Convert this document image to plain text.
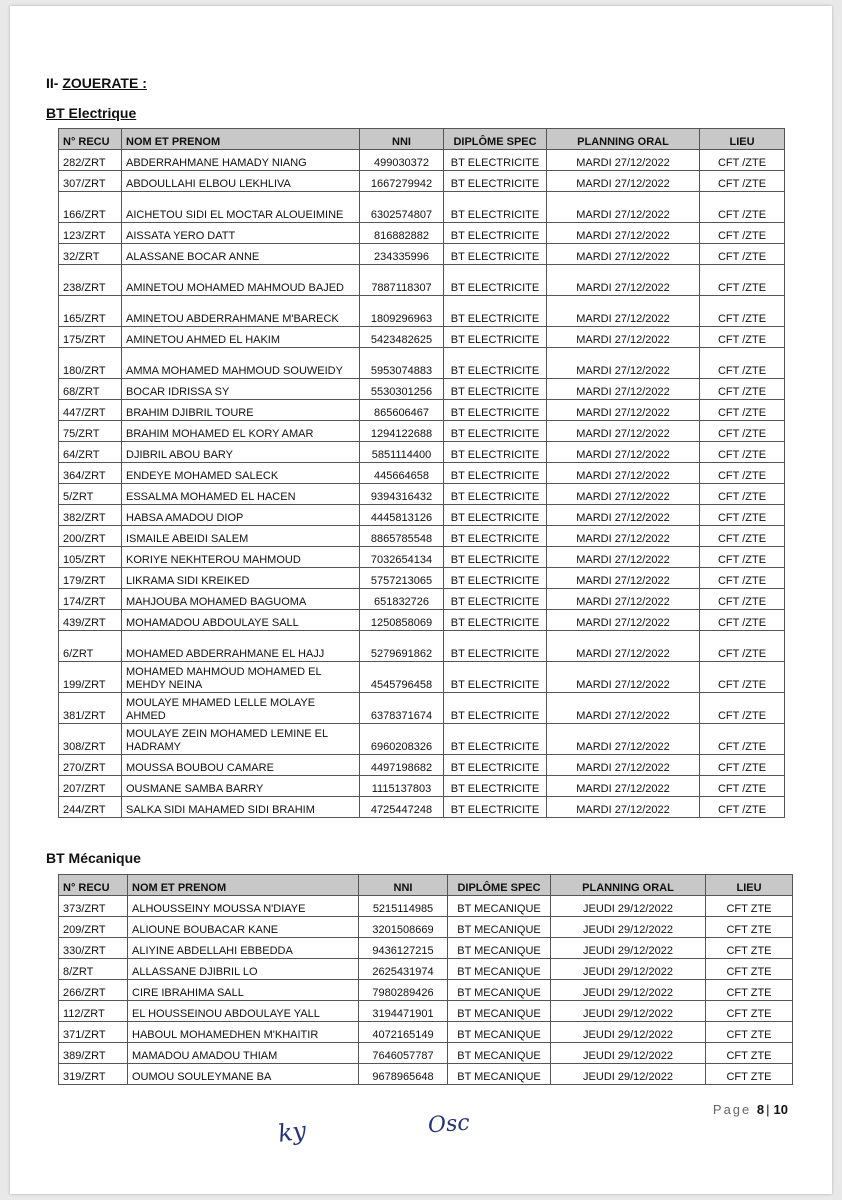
II- ZOUERATE :
BT Electrique
N° RECU	NOM ET PRENOM	NNI	DIPLÔME SPEC	PLANNING ORAL	LIEU
282/ZRT	ABDERRAHMANE HAMADY NIANG	499030372	BT ELECTRICITE	MARDI 27/12/2022	CFT /ZTE
307/ZRT	ABDOULLAHI ELBOU LEKHLIVA	1667279942	BT ELECTRICITE	MARDI 27/12/2022	CFT /ZTE
166/ZRT	AICHETOU SIDI EL MOCTAR ALOUEIMINE	6302574807	BT ELECTRICITE	MARDI 27/12/2022	CFT /ZTE
123/ZRT	AISSATA YERO DATT	816882882	BT ELECTRICITE	MARDI 27/12/2022	CFT /ZTE
32/ZRT	ALASSANE BOCAR ANNE	234335996	BT ELECTRICITE	MARDI 27/12/2022	CFT /ZTE
238/ZRT	AMINETOU MOHAMED MAHMOUD BAJED	7887118307	BT ELECTRICITE	MARDI 27/12/2022	CFT /ZTE
165/ZRT	AMINETOU ABDERRAHMANE M'BARECK	1809296963	BT ELECTRICITE	MARDI 27/12/2022	CFT /ZTE
175/ZRT	AMINETOU AHMED EL HAKIM	5423482625	BT ELECTRICITE	MARDI 27/12/2022	CFT /ZTE
180/ZRT	AMMA MOHAMED MAHMOUD SOUWEIDY	5953074883	BT ELECTRICITE	MARDI 27/12/2022	CFT /ZTE
68/ZRT	BOCAR IDRISSA SY	5530301256	BT ELECTRICITE	MARDI 27/12/2022	CFT /ZTE
447/ZRT	BRAHIM DJIBRIL TOURE	865606467	BT ELECTRICITE	MARDI 27/12/2022	CFT /ZTE
75/ZRT	BRAHIM MOHAMED EL KORY AMAR	1294122688	BT ELECTRICITE	MARDI 27/12/2022	CFT /ZTE
64/ZRT	DJIBRIL ABOU BARY	5851114400	BT ELECTRICITE	MARDI 27/12/2022	CFT /ZTE
364/ZRT	ENDEYE MOHAMED SALECK	445664658	BT ELECTRICITE	MARDI 27/12/2022	CFT /ZTE
5/ZRT	ESSALMA MOHAMED EL HACEN	9394316432	BT ELECTRICITE	MARDI 27/12/2022	CFT /ZTE
382/ZRT	HABSA AMADOU DIOP	4445813126	BT ELECTRICITE	MARDI 27/12/2022	CFT /ZTE
200/ZRT	ISMAILE ABEIDI SALEM	8865785548	BT ELECTRICITE	MARDI 27/12/2022	CFT /ZTE
105/ZRT	KORIYE NEKHTEROU MAHMOUD	7032654134	BT ELECTRICITE	MARDI 27/12/2022	CFT /ZTE
179/ZRT	LIKRAMA SIDI KREIKED	5757213065	BT ELECTRICITE	MARDI 27/12/2022	CFT /ZTE
174/ZRT	MAHJOUBA MOHAMED BAGUOMA	651832726	BT ELECTRICITE	MARDI 27/12/2022	CFT /ZTE
439/ZRT	MOHAMADOU ABDOULAYE SALL	1250858069	BT ELECTRICITE	MARDI 27/12/2022	CFT /ZTE
6/ZRT	MOHAMED ABDERRAHMANE EL HAJJ	5279691862	BT ELECTRICITE	MARDI 27/12/2022	CFT /ZTE
199/ZRT	MOHAMED MAHMOUD MOHAMED EL MEHDY NEINA	4545796458	BT ELECTRICITE	MARDI 27/12/2022	CFT /ZTE
381/ZRT	MOULAYE MHAMED LELLE MOLAYE AHMED	6378371674	BT ELECTRICITE	MARDI 27/12/2022	CFT /ZTE
308/ZRT	MOULAYE ZEIN MOHAMED LEMINE EL HADRAMY	6960208326	BT ELECTRICITE	MARDI 27/12/2022	CFT /ZTE
270/ZRT	MOUSSA BOUBOU CAMARE	4497198682	BT ELECTRICITE	MARDI 27/12/2022	CFT /ZTE
207/ZRT	OUSMANE SAMBA BARRY	1115137803	BT ELECTRICITE	MARDI 27/12/2022	CFT /ZTE
244/ZRT	SALKA SIDI MAHAMED SIDI BRAHIM	4725447248	BT ELECTRICITE	MARDI 27/12/2022	CFT /ZTE
BT Mécanique
N° RECU	NOM ET PRENOM	NNI	DIPLÔME SPEC	PLANNING ORAL	LIEU
373/ZRT	ALHOUSSEINY MOUSSA N'DIAYE	5215114985	BT MECANIQUE	JEUDI 29/12/2022	CFT ZTE
209/ZRT	ALIOUNE BOUBACAR KANE	3201508669	BT MECANIQUE	JEUDI 29/12/2022	CFT ZTE
330/ZRT	ALIYINE ABDELLAHI EBBEDDA	9436127215	BT MECANIQUE	JEUDI 29/12/2022	CFT ZTE
8/ZRT	ALLASSANE DJIBRIL LO	2625431974	BT MECANIQUE	JEUDI 29/12/2022	CFT ZTE
266/ZRT	CIRE IBRAHIMA SALL	7980289426	BT MECANIQUE	JEUDI 29/12/2022	CFT ZTE
112/ZRT	EL HOUSSEINOU ABDOULAYE YALL	3194471901	BT MECANIQUE	JEUDI 29/12/2022	CFT ZTE
371/ZRT	HABOUL MOHAMEDHEN M'KHAITIR	4072165149	BT MECANIQUE	JEUDI 29/12/2022	CFT ZTE
389/ZRT	MAMADOU AMADOU THIAM	7646057787	BT MECANIQUE	JEUDI 29/12/2022	CFT ZTE
319/ZRT	OUMOU SOULEYMANE BA	9678965648	BT MECANIQUE	JEUDI 29/12/2022	CFT ZTE
Page 8 | 10
ky	Osc
